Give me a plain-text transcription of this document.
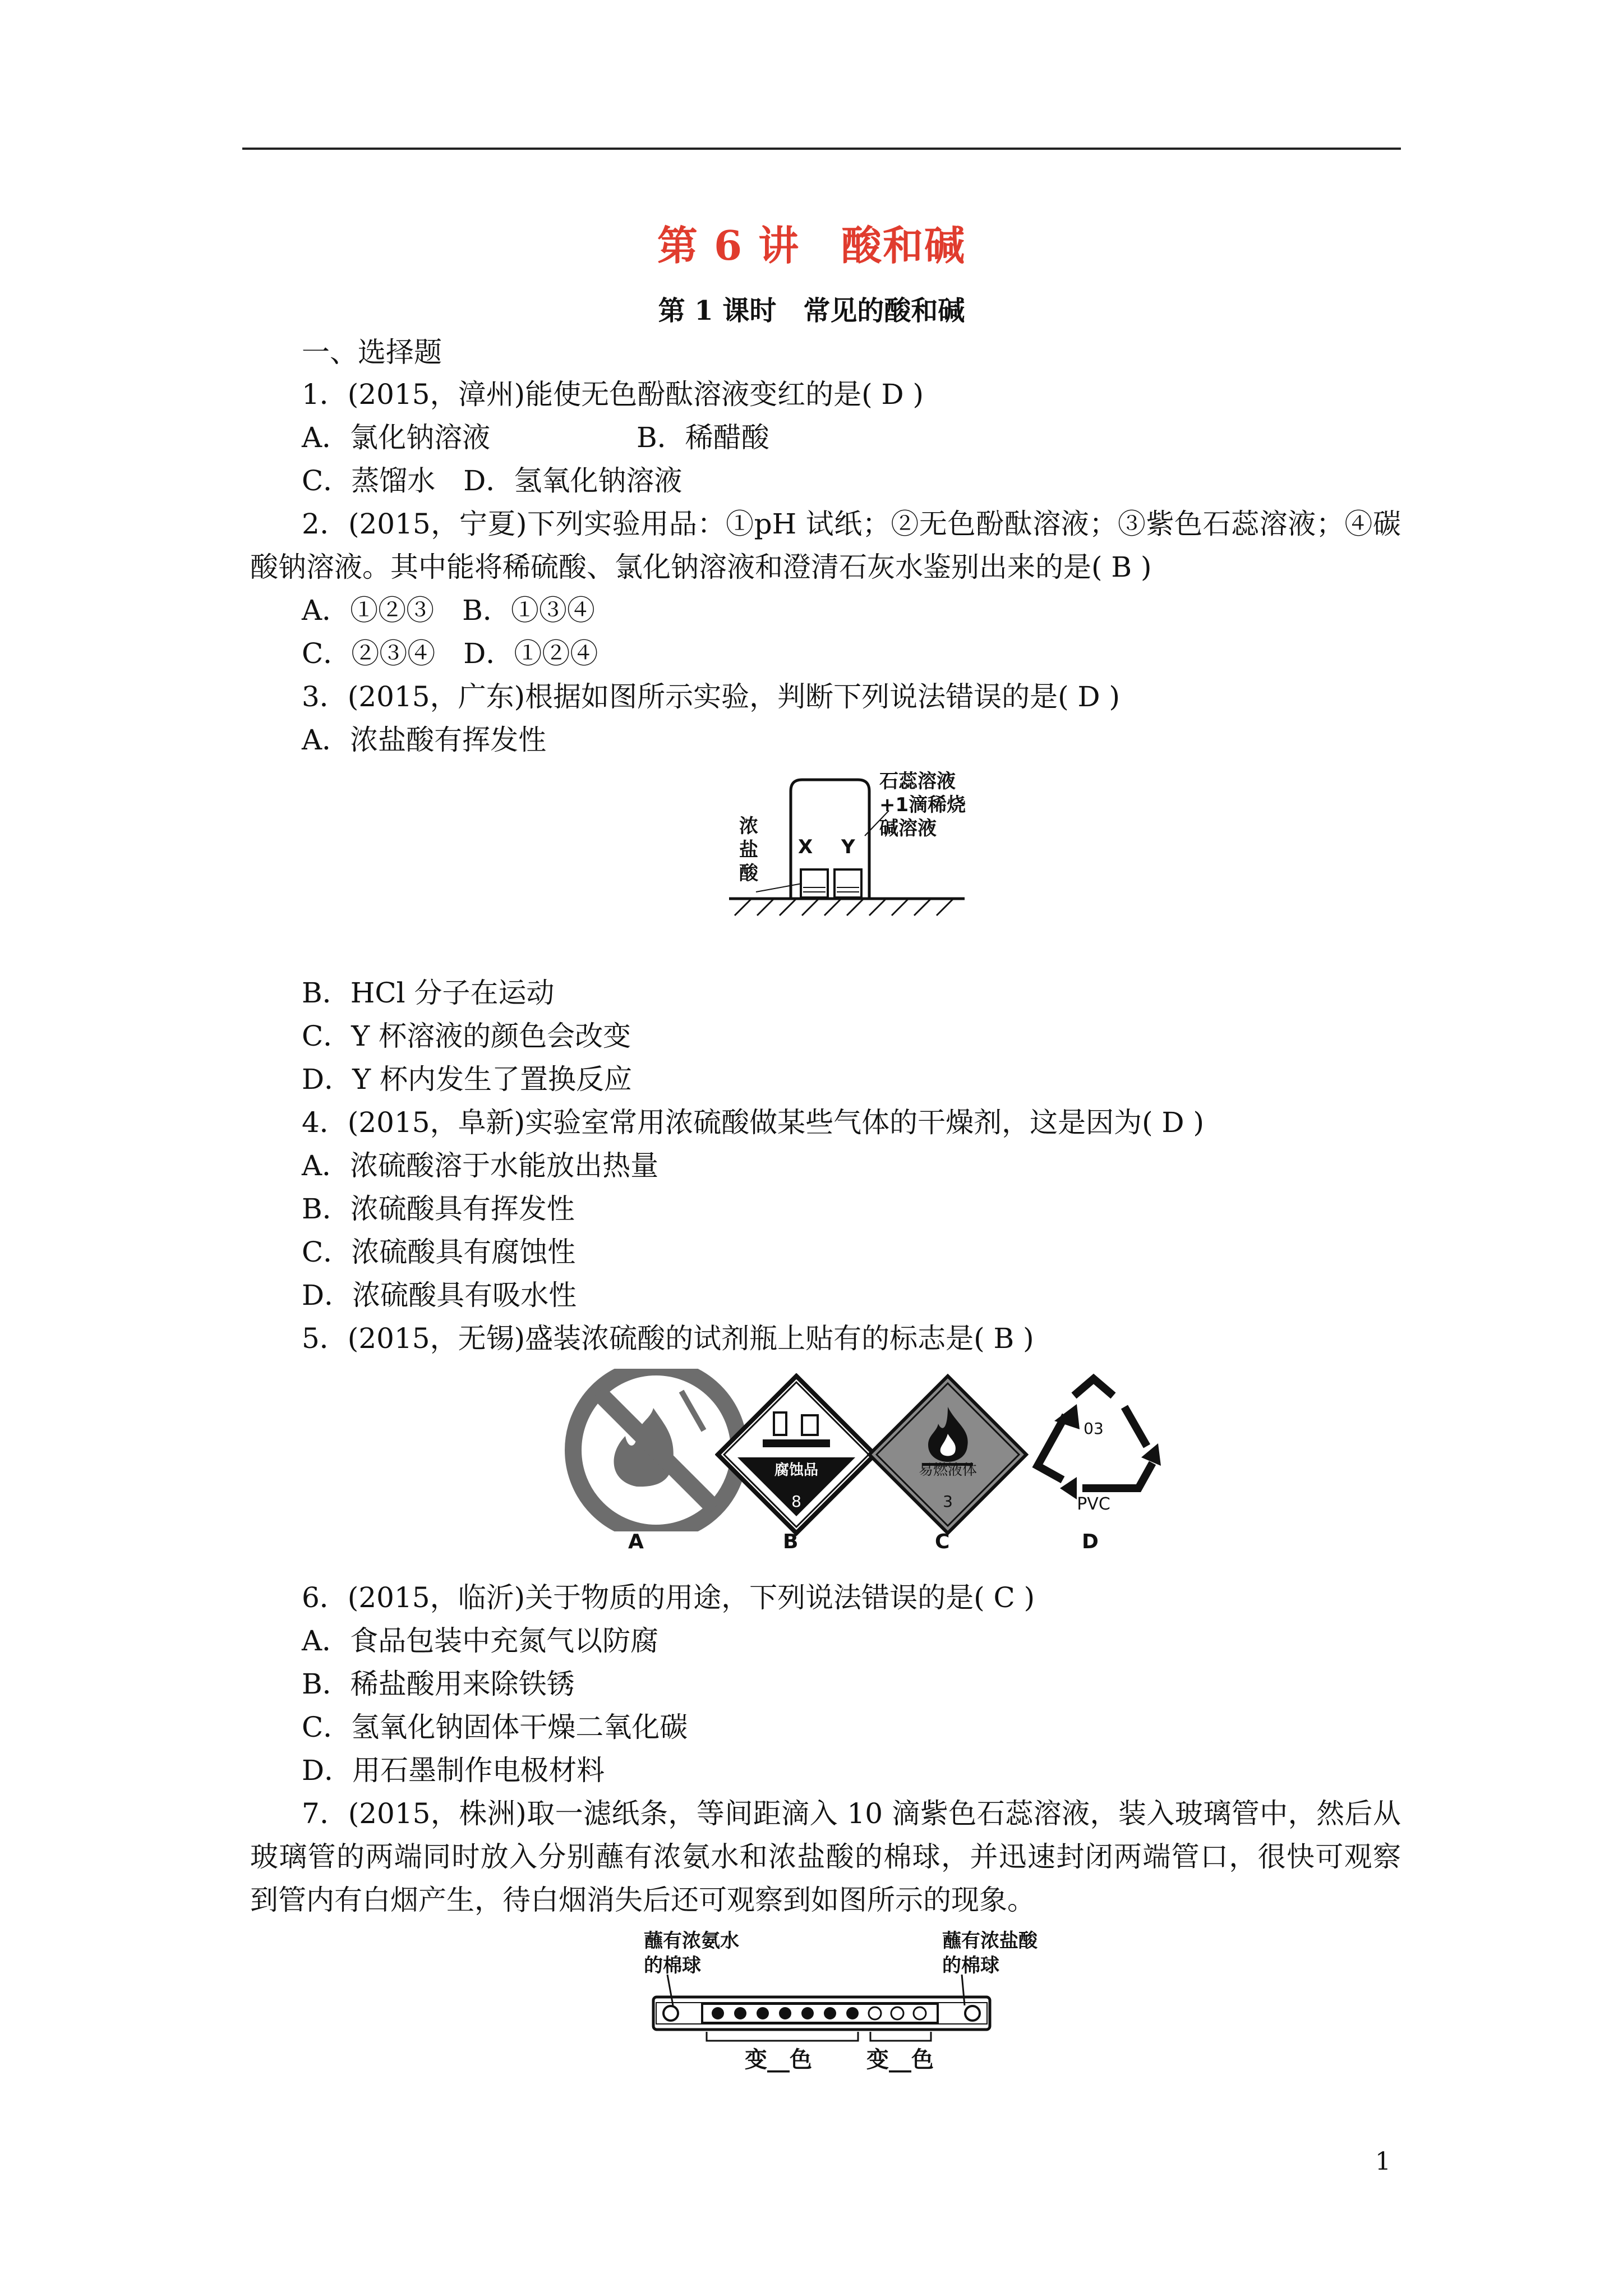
第 6 讲　酸和碱
第 1 课时　常见的酸和碱
一、选择题
1．(2015，漳州)能使无色酚酞溶液变红的是( D )
A．氯化钠溶液	B．稀醋酸
C．蒸馏水　D．氢氧化钠溶液
2．(2015，宁夏)下列实验用品：①pH 试纸；②无色酚酞溶液；③紫色石蕊溶液；④碳
酸钠溶液。其中能将稀硫酸、氯化钠溶液和澄清石灰水鉴别出来的是( B )
A．①②③　B．①③④
C．②③④　D．①②④
3．(2015，广东)根据如图所示实验，判断下列说法错误的是( D )
A．浓盐酸有挥发性
浓
盐
酸
X Y
石蕊溶液
+1滴稀烧
碱溶液
B．HCl 分子在运动
C．Y 杯溶液的颜色会改变
D．Y 杯内发生了置换反应
4．(2015，阜新)实验室常用浓硫酸做某些气体的干燥剂，这是因为( D )
A．浓硫酸溶于水能放出热量
B．浓硫酸具有挥发性
C．浓硫酸具有腐蚀性
D．浓硫酸具有吸水性
5．(2015，无锡)盛装浓硫酸的试剂瓶上贴有的标志是( B )
腐蚀品
8
易燃液体
3
03
PVC
A	B	C	D
6．(2015，临沂)关于物质的用途，下列说法错误的是( C )
A．食品包装中充氮气以防腐
B．稀盐酸用来除铁锈
C．氢氧化钠固体干燥二氧化碳
D．用石墨制作电极材料
7．(2015，株洲)取一滤纸条，等间距滴入 10 滴紫色石蕊溶液，装入玻璃管中，然后从
玻璃管的两端同时放入分别蘸有浓氨水和浓盐酸的棉球，并迅速封闭两端管口，很快可观察
到管内有白烟产生，待白烟消失后还可观察到如图所示的现象。
蘸有浓氨水
的棉球
蘸有浓盐酸
的棉球
变__色 变__色
1
